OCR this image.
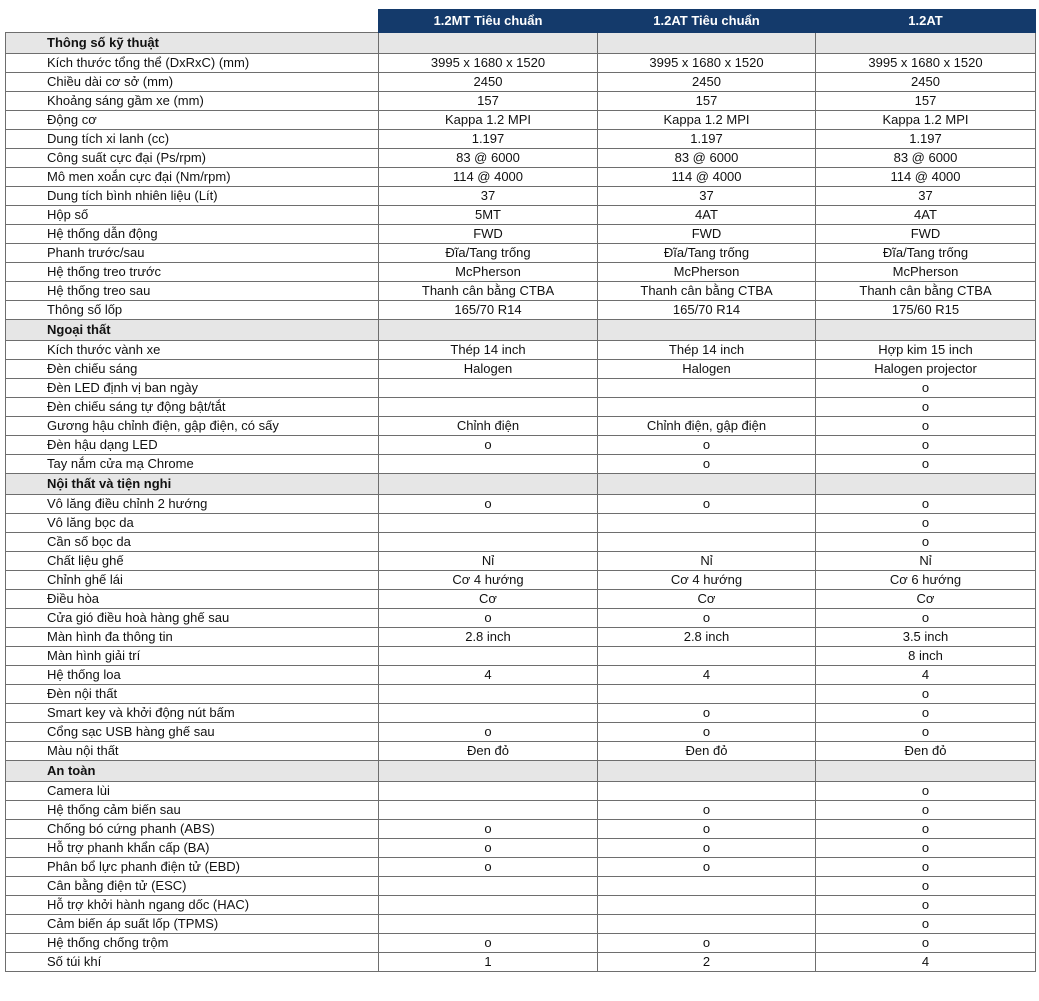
	1.2MT Tiêu chuẩn	1.2AT Tiêu chuẩn	1.2AT
Thông số kỹ thuật			
Kích thước tổng thể (DxRxC) (mm)	3995 x 1680 x 1520	3995 x 1680 x 1520	3995 x 1680 x 1520
Chiều dài cơ sở (mm)	2450	2450	2450
Khoảng sáng gầm xe (mm)	157	157	157
Động cơ	Kappa 1.2 MPI	Kappa 1.2 MPI	Kappa 1.2 MPI
Dung tích xi lanh (cc)	1.197	1.197	1.197
Công suất cực đại (Ps/rpm)	83 @ 6000	83 @ 6000	83 @ 6000
Mô men xoắn cực đại (Nm/rpm)	114 @ 4000	114 @ 4000	114 @ 4000
Dung tích bình nhiên liệu (Lít)	37	37	37
Hộp số	5MT	4AT	4AT
Hệ thống dẫn động	FWD	FWD	FWD
Phanh trước/sau	Đĩa/Tang trống	Đĩa/Tang trống	Đĩa/Tang trống
Hệ thống treo trước	McPherson	McPherson	McPherson
Hệ thống treo sau	Thanh cân bằng CTBA	Thanh cân bằng CTBA	Thanh cân bằng CTBA
Thông số lốp	165/70 R14	165/70 R14	175/60 R15
Ngoại thất			
Kích thước vành xe	Thép 14 inch	Thép 14 inch	Hợp kim 15 inch
Đèn chiếu sáng	Halogen	Halogen	Halogen projector
Đèn LED định vị ban ngày			o
Đèn chiếu sáng tự động bật/tắt			o
Gương hậu chỉnh điện, gập điện, có sấy	Chỉnh điện	Chỉnh điện, gập điện	o
Đèn hậu dạng LED	o	o	o
Tay nắm cửa mạ Chrome		o	o
Nội thất và tiện nghi			
Vô lăng điều chỉnh 2 hướng	o	o	o
Vô lăng bọc da			o
Cần số bọc da			o
Chất liệu ghế	Nỉ	Nỉ	Nỉ
Chỉnh ghế lái	Cơ 4 hướng	Cơ 4 hướng	Cơ 6 hướng
Điều hòa	Cơ	Cơ	Cơ
Cửa gió điều hoà hàng ghế sau	o	o	o
Màn hình đa thông tin	2.8 inch	2.8 inch	3.5 inch
Màn hình giải trí			8 inch
Hệ thống loa	4	4	4
Đèn nội thất			o
Smart key và khởi động nút bấm		o	o
Cổng sạc USB hàng ghế sau	o	o	o
Màu nội thất	Đen đỏ	Đen đỏ	Đen đỏ
An toàn			
Camera lùi			o
Hệ thống cảm biến sau		o	o
Chống bó cứng phanh (ABS)	o	o	o
Hỗ trợ phanh khẩn cấp (BA)	o	o	o
Phân bổ lực phanh điện tử (EBD)	o	o	o
Cân bằng điện tử (ESC)			o
Hỗ trợ khởi hành ngang dốc (HAC)			o
Cảm biến áp suất lốp (TPMS)			o
Hệ thống chống trộm	o	o	o
Số túi khí	1	2	4
